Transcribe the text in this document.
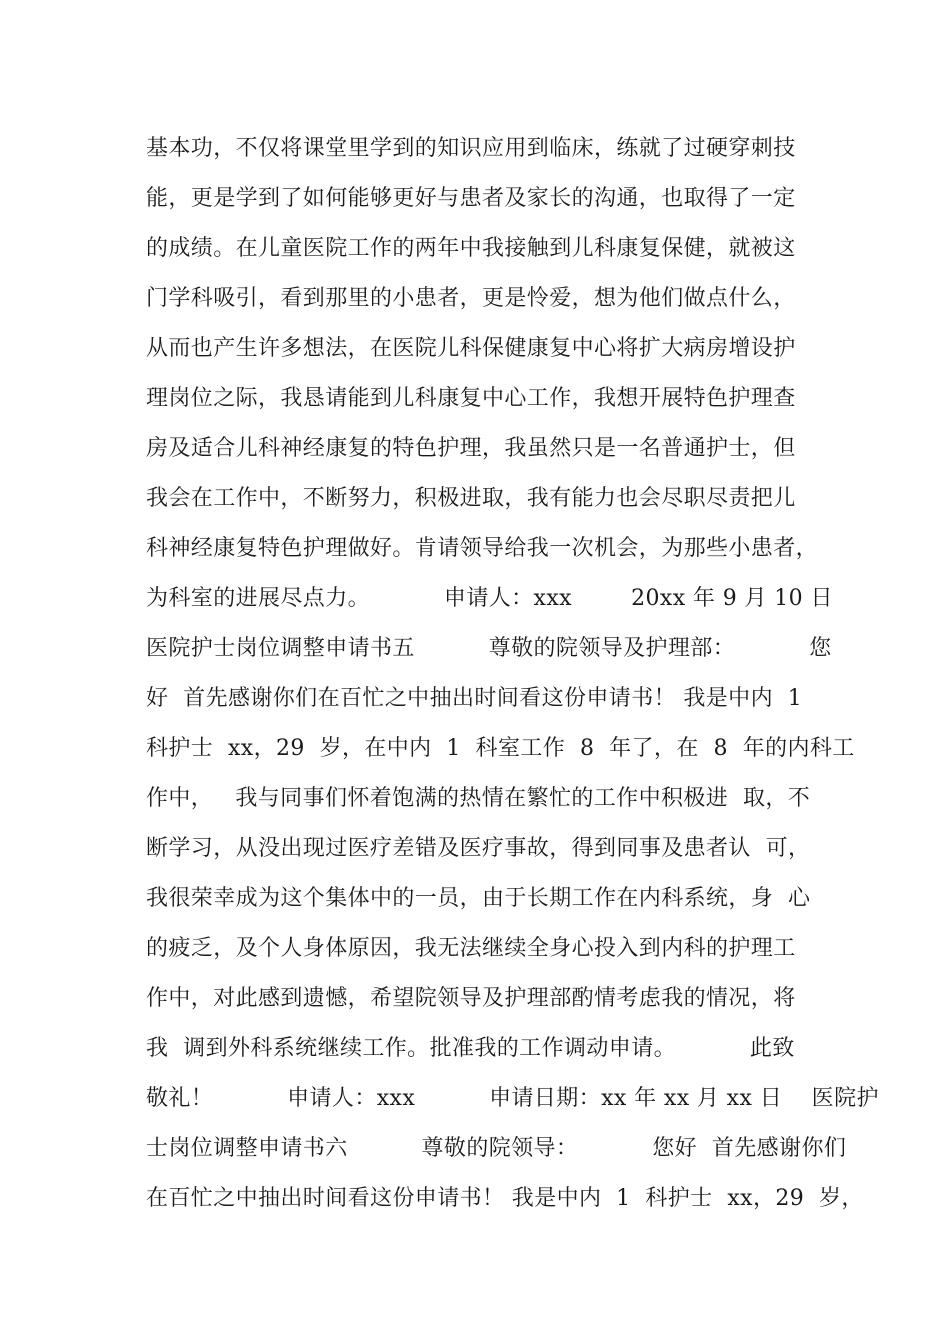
基本功，不仅将课堂里学到的知识应用到临床，练就了过硬穿刺技
能，更是学到了如何能够更好与患者及家长的沟通，也取得了一定
的成绩。在儿童医院工作的两年中我接触到儿科康复保健，就被这
门学科吸引，看到那里的小患者，更是怜爱，想为他们做点什么，
从而也产生许多想法，在医院儿科保健康复中心将扩大病房增设护
理岗位之际，我恳请能到儿科康复中心工作，我想开展特色护理查
房及适合儿科神经康复的特色护理，我虽然只是一名普通护士，但
我会在工作中，不断努力，积极进取，我有能力也会尽职尽责把儿
科神经康复特色护理做好。肯请领导给我一次机会，为那些小患者，
为科室的进展尽点力。          申请人：xxx        20xx 年 9 月 10 日
医院护士岗位调整申请书五          尊敬的院领导及护理部：          您
好  首先感谢你们在百忙之中抽出时间看这份申请书！ 我是中内  1
科护士  xx，29  岁，在中内  1  科室工作  8  年了，在  8  年的内科工
作中，   我与同事们怀着饱满的热情在繁忙的工作中积极进  取，不
断学习，从没出现过医疗差错及医疗事故，得到同事及患者认  可，
我很荣幸成为这个集体中的一员，由于长期工作在内科系统，身  心
的疲乏，及个人身体原因，我无法继续全身心投入到内科的护理工
作中，对此感到遗憾，希望院领导及护理部酌情考虑我的情况，将
我  调到外科系统继续工作。批准我的工作调动申请。          此致
敬礼！          申请人：xxx          申请日期：xx 年 xx 月 xx 日    医院护
士岗位调整申请书六          尊敬的院领导：          您好  首先感谢你们
在百忙之中抽出时间看这份申请书！ 我是中内  1  科护士  xx，29  岁，
